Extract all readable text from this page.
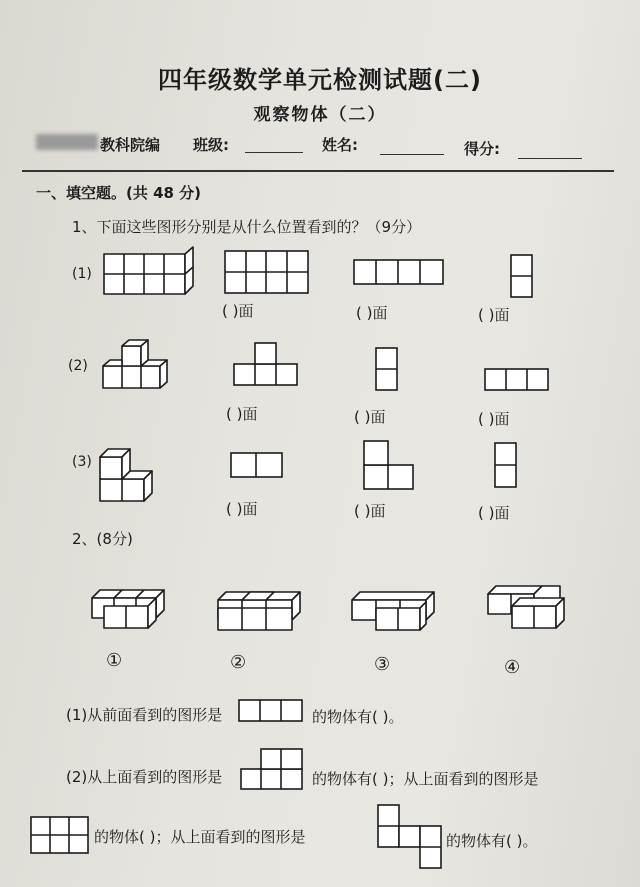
四年级数学单元检测试题(二)
观察物体（二）
教科院编 班级:	姓名:	得分:
一、填空题。(共 48 分)
1、下面这些图形分别是从什么位置看到的？（9分）
(1)
( )面	( )面	( )面
(2)
( )面	( )面	( )面
(3)
( )面	( )面	( )面
2、(8分)
①	②	③	④
(1)从前面看到的图形是	的物体有( )。
(2)从上面看到的图形是	的物体有( )；从上面看到的图形是
的物体( )；从上面看到的图形是	的物体有( )。
